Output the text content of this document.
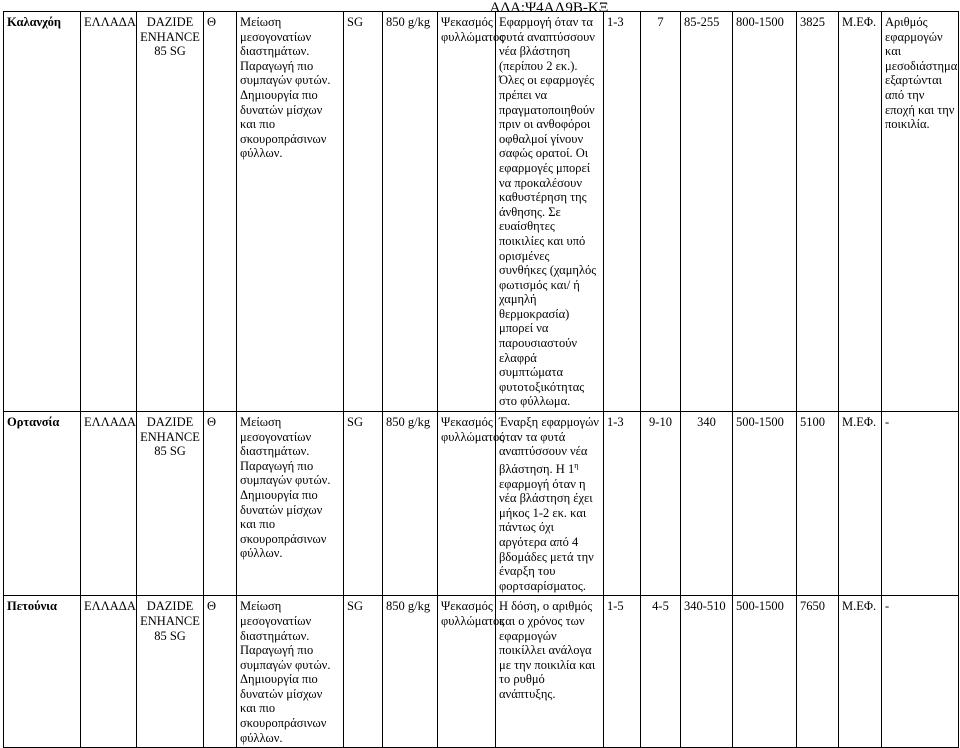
ΑΔΑ:Ψ4ΑΛ9Β-ΚΞ
Καλανχόη	ΕΛΛΑΔΑ	DAZIDE ENHANCE 85 SG	Θ	Μείωση μεσογονατίων διαστημάτων. Παραγωγή πιο συμπαγών φυτών. Δημιουργία πιο δυνατών μίσχων και πιο σκουροπράσινων φύλλων.	SG	850 g/kg	Ψεκασμός φυλλώματος	Εφαρμογή όταν τα φυτά αναπτύσσουν νέα βλάστηση (περίπου 2 εκ.). Όλες οι εφαρμογές πρέπει να πραγματοποιηθούν πριν οι ανθοφόροι οφθαλμοί γίνουν σαφώς ορατοί. Οι εφαρμογές μπορεί να προκαλέσουν καθυστέρηση της άνθησης. Σε ευαίσθητες ποικιλίες και υπό ορισμένες συνθήκες (χαμηλός φωτισμός και/ ή χαμηλή θερμοκρασία) μπορεί να παρουσιαστούν ελαφρά συμπτώματα φυτοτοξικότητας στο φύλλωμα.	1-3	7	85-255	800-1500	3825	Μ.ΕΦ.	Αριθμός εφαρμογών και μεσοδιάστημα εξαρτώνται από την εποχή και την ποικιλία.
Ορτανσία	ΕΛΛΑΔΑ	DAZIDE ENHANCE 85 SG	Θ	Μείωση μεσογονατίων διαστημάτων. Παραγωγή πιο συμπαγών φυτών. Δημιουργία πιο δυνατών μίσχων και πιο σκουροπράσινων φύλλων.	SG	850 g/kg	Ψεκασμός φυλλώματος	Έναρξη εφαρμογών όταν τα φυτά αναπτύσσουν νέα βλάστηση. Η $1^\eta$ εφαρμογή όταν η νέα βλάστηση έχει μήκος 1-2 εκ. και πάντως όχι αργότερα από 4 βδομάδες μετά την έναρξη του φορτσαρίσματος.	1-3	9-10	340	500-1500	5100	Μ.ΕΦ.	-
Πετούνια	ΕΛΛΑΔΑ	DAZIDE ENHANCE 85 SG	Θ	Μείωση μεσογονατίων διαστημάτων. Παραγωγή πιο συμπαγών φυτών. Δημιουργία πιο δυνατών μίσχων και πιο σκουροπράσινων φύλλων.	SG	850 g/kg	Ψεκασμός φυλλώματος	Η δόση, ο αριθμός και ο χρόνος των εφαρμογών ποικίλλει ανάλογα με την ποικιλία και το ρυθμό ανάπτυξης.	1-5	4-5	340-510	500-1500	7650	Μ.ΕΦ.	-
